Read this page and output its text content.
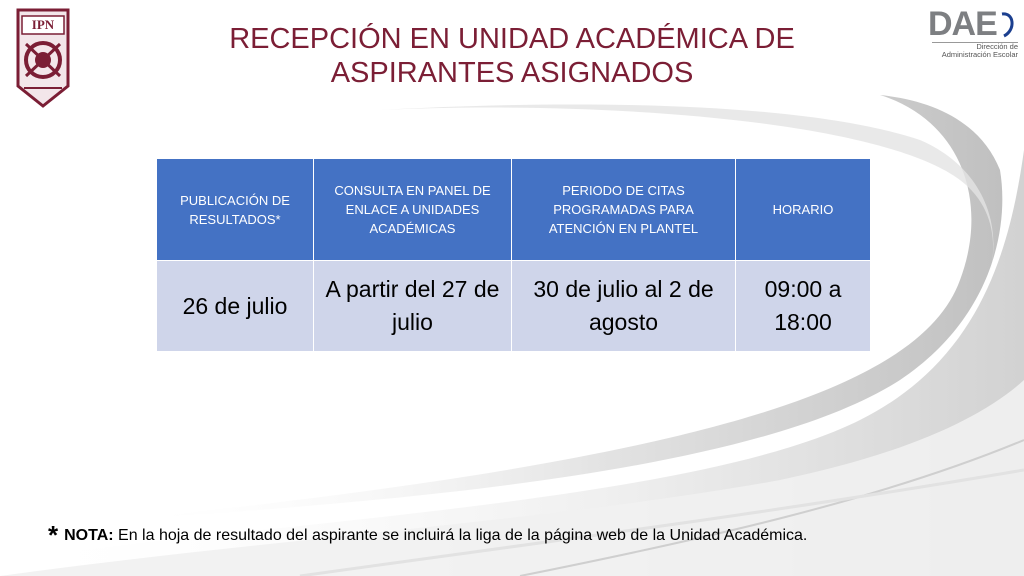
IPN	DAE
Dirección de
Administración Escolar
RECEPCIÓN EN UNIDAD ACADÉMICA DE
ASPIRANTES ASIGNADOS
PUBLICACIÓN DE RESULTADOS*	CONSULTA EN PANEL DE ENLACE A UNIDADES ACADÉMICAS	PERIODO DE CITAS PROGRAMADAS PARA ATENCIÓN EN PLANTEL	HORARIO
26 de julio	A partir del 27 de julio	30 de julio al 2 de agosto	09:00 a 18:00
* NOTA: En la hoja de resultado del aspirante se incluirá la liga de la página web de la Unidad Académica.
